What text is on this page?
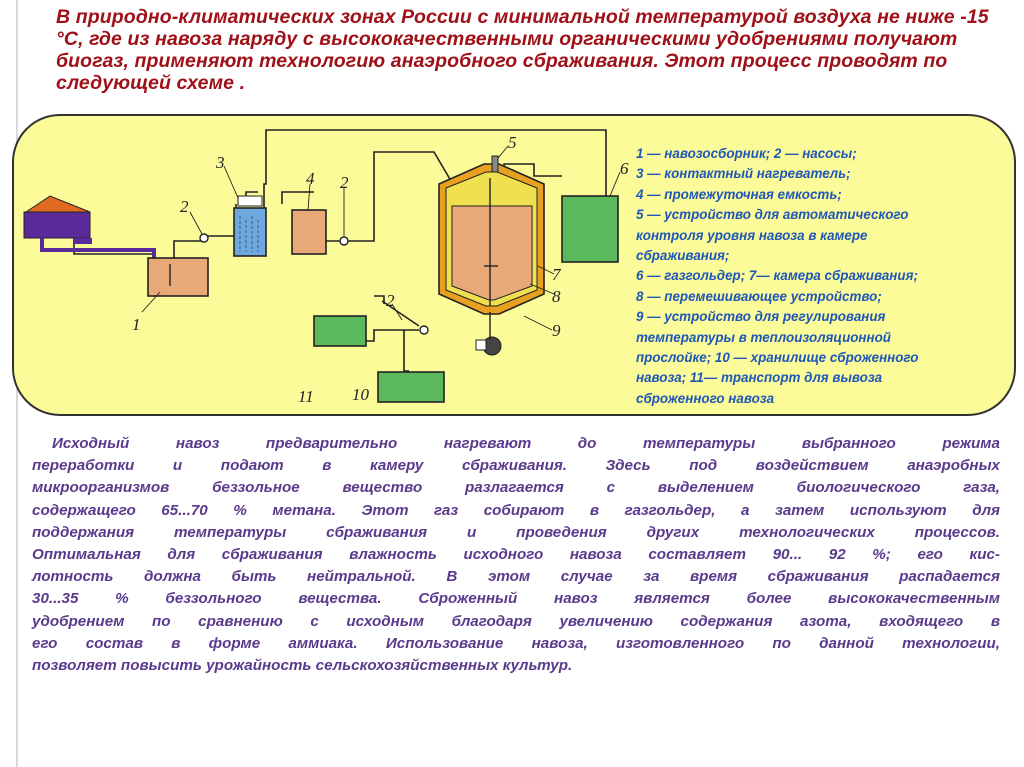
В природно-климатических зонах России с минимальной температурой воздуха не ниже -15 °С, где из навоза наряду с высококачественными органическими удобрениями получают биогаз, применяют технологию анаэробного сбраживания. Этот процесс проводят по следующей схеме .
1
2
3
4 2
5
6
7
8
2
9
11 10
1 — навозосборник; 2 — насосы;
3 — контактный нагреватель;
4 — промежуточная емкость;
5 — устройство для автоматического
контроля уровня навоза в камере
сбраживания;
6 — газгольдер; 7— камера сбраживания;
8 — перемешивающее устройство;
9 — устройство для регулирования
температуры в теплоизоляционной
прослойке; 10 — хранилище сброженного
навоза; 11— транспорт для вывоза
сброженного навоза
Исходный навоз предварительно нагревают до температуры выбранного режима
переработки и подают в камеру сбраживания. Здесь под воздействием анаэробных
микроорганизмов беззольное вещество разлагается с выделением биологического газа,
содержащего 65...70 % метана. Этот газ собирают в газгольдер, а затем используют для
поддержания температуры сбраживания и проведения других технологических процессов.
Оптимальная для сбраживания влажность исходного навоза составляет 90... 92 %; его кис-
лотность должна быть нейтральной. В этом случае за время сбраживания распадается
30...35 % беззольного вещества. Сброженный навоз является более высококачественным
удобрением по сравнению с исходным благодаря увеличению содержания азота, входящего в
его состав в форме аммиака. Использование навоза, изготовленного по данной технологии,
позволяет повысить урожайность сельскохозяйственных культур.
